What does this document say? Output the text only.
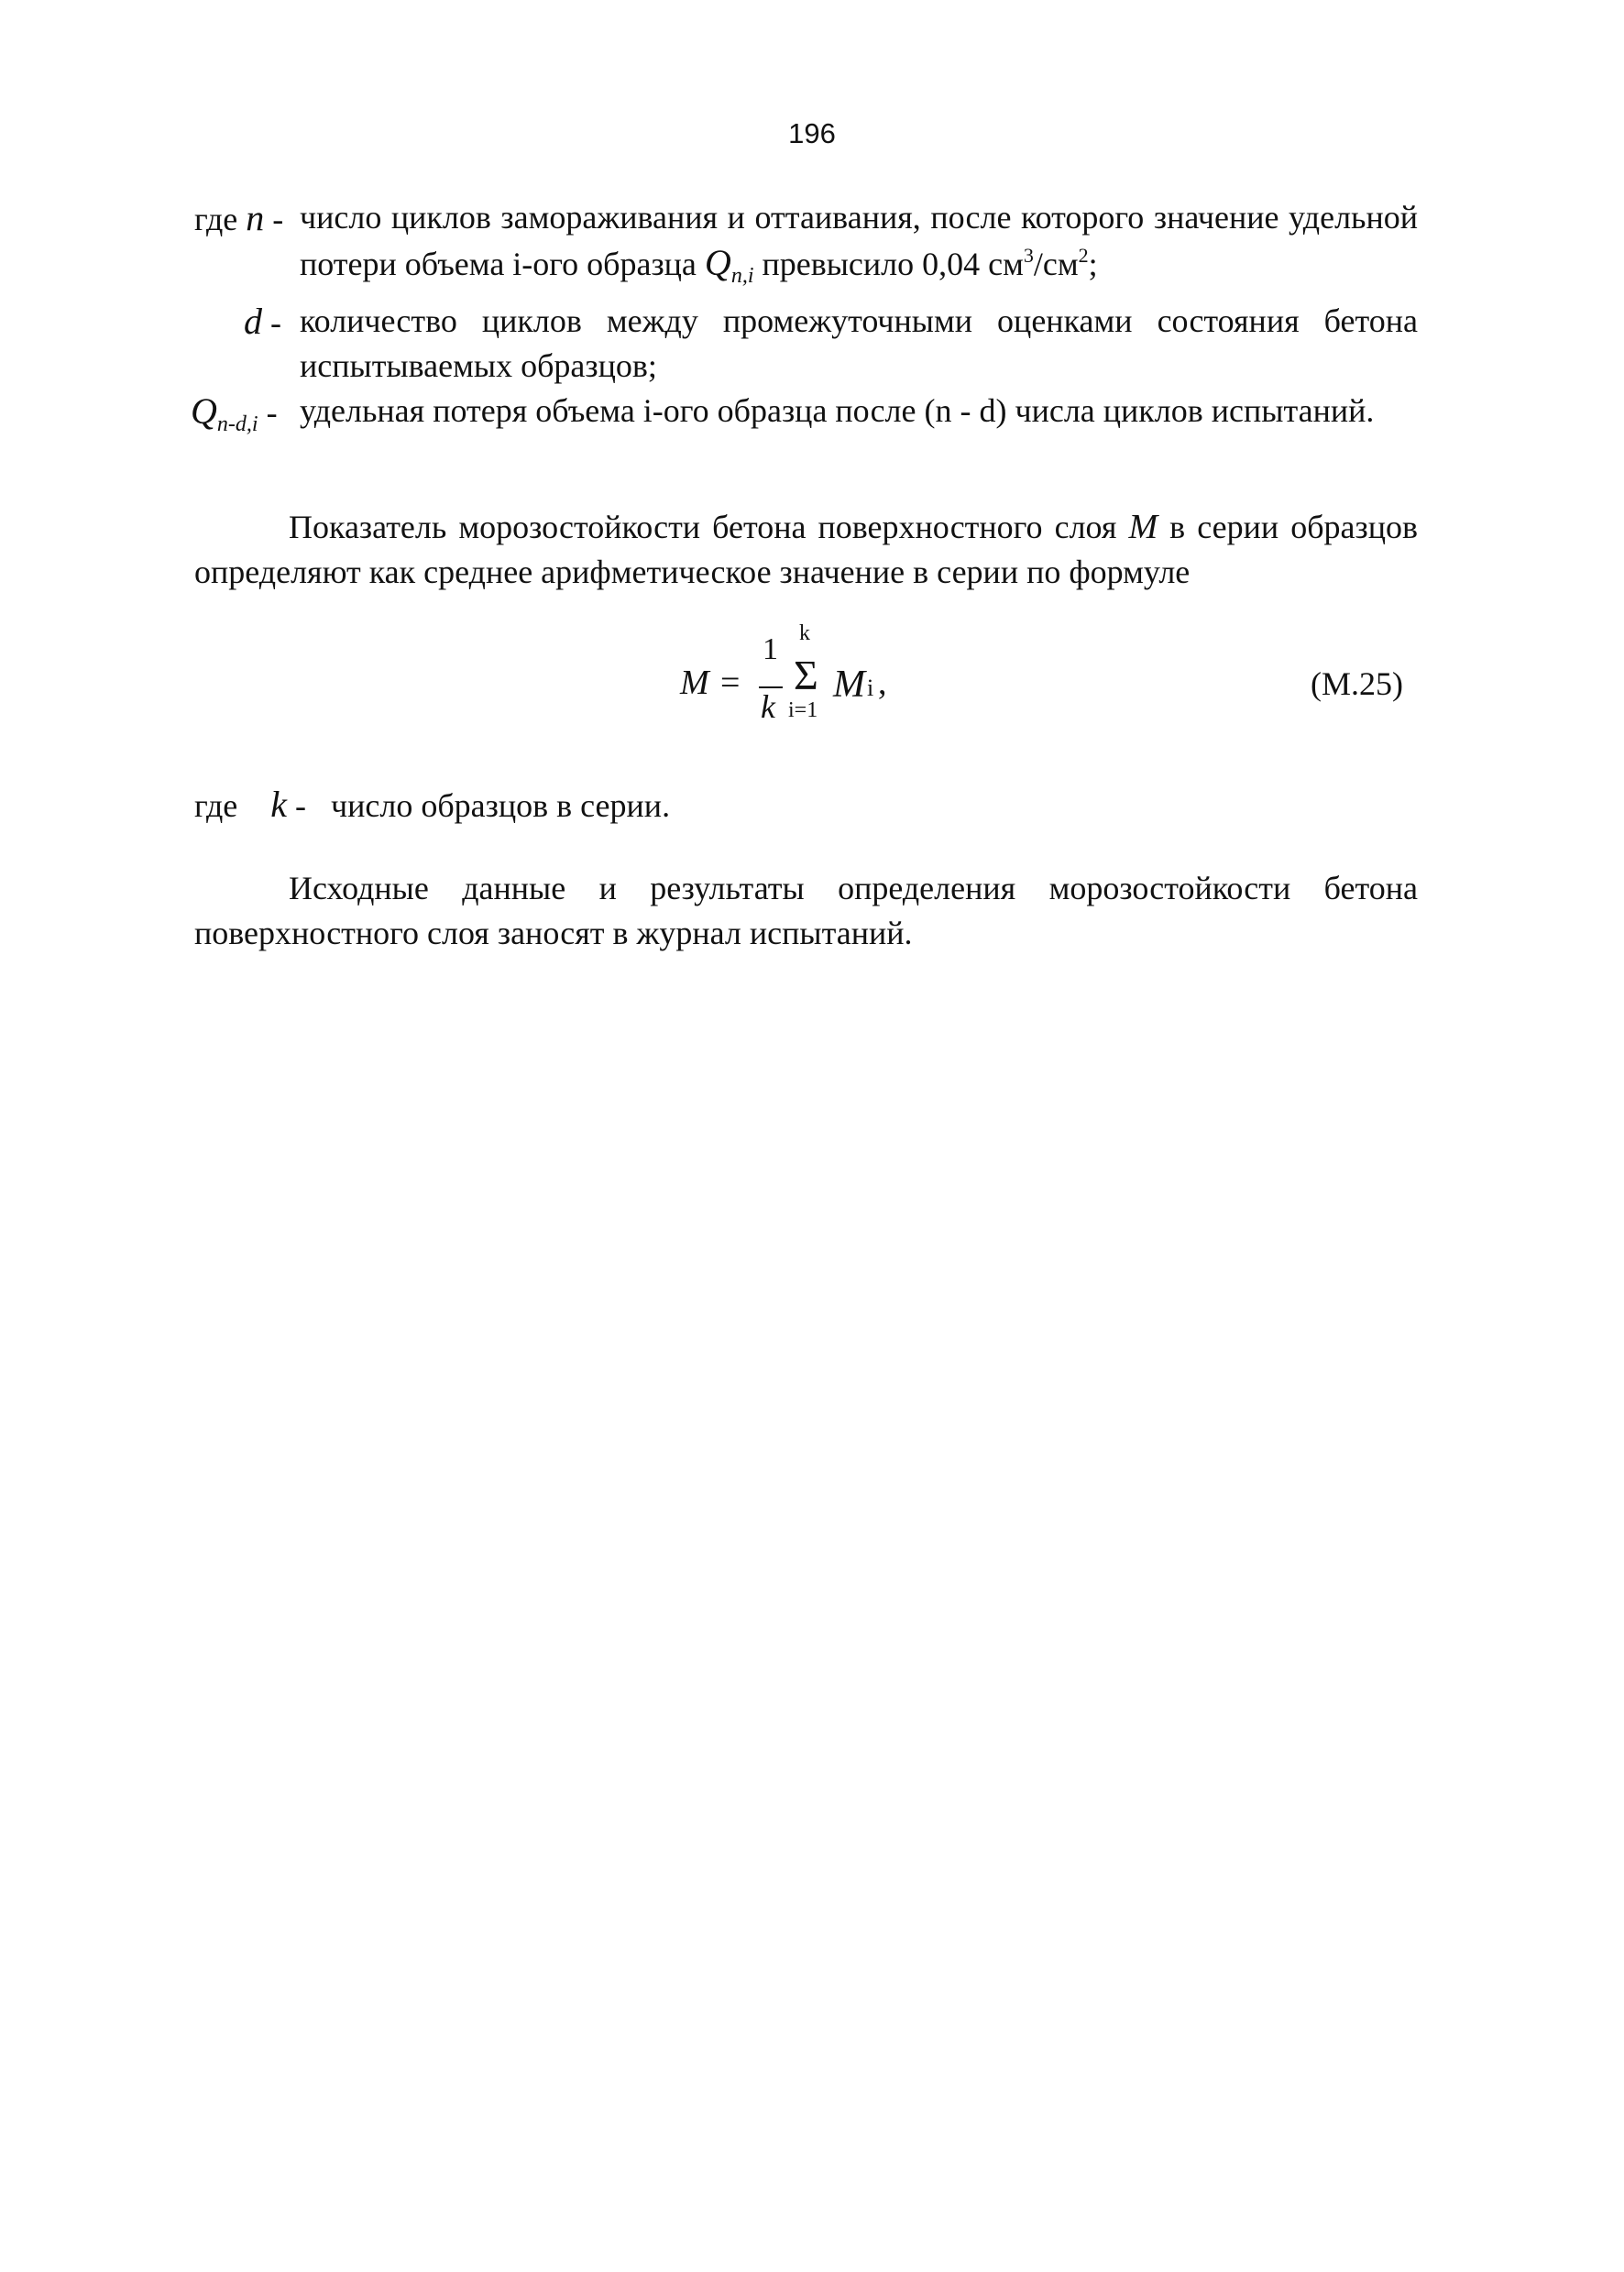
196
где n - число циклов замораживания и оттаивания, после которого значение удельной потери объема i-ого образца $Q_{n,i}$ превысило 0,04 $см^3/см^2$;
d - количество циклов между промежуточными оценками состояния бетона испытываемых образцов;
$Q_{n-d,i}$ - удельная потеря объема i-ого образца после (n - d) числа циклов испытаний.
Показатель морозостойкости бетона поверхностного слоя M в серии образцов определяют как среднее арифметическое значение в серии по формуле
M =
1
k
k
Σ
i=1
M i ,	(М.25)
где k - число образцов в серии.
Исходные данные и результаты определения морозостойкости бетона поверхностного слоя заносят в журнал испытаний.
